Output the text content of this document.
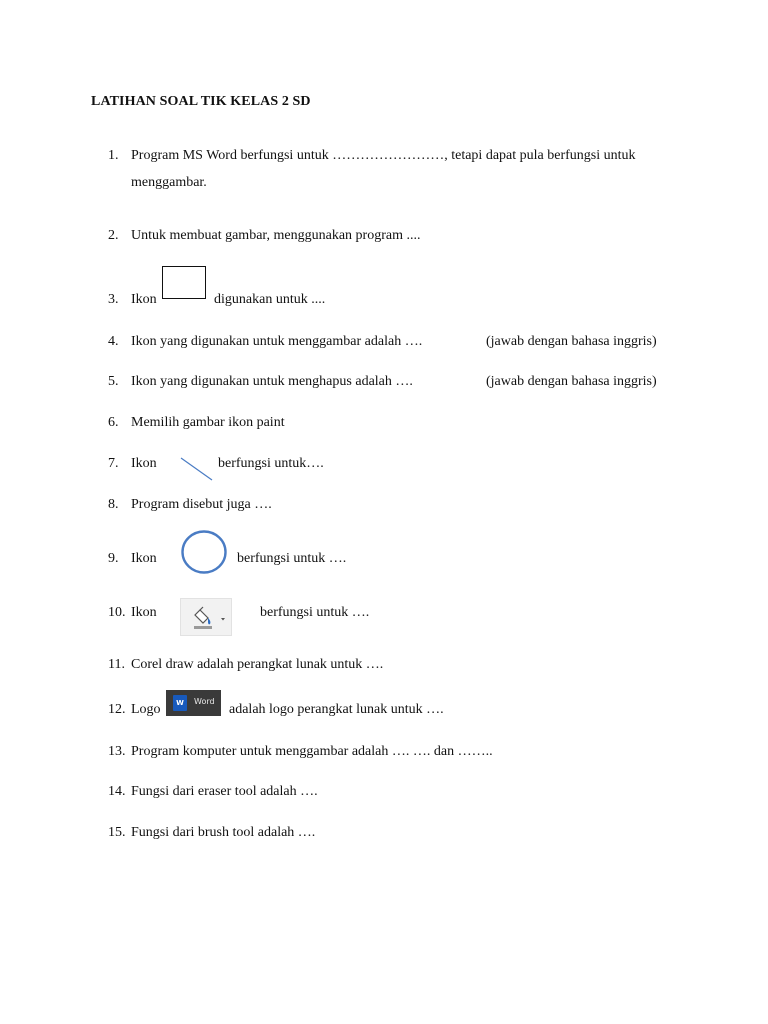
LATIHAN SOAL TIK KELAS 2 SD
1. Program MS Word berfungsi untuk ……………………, tetapi dapat pula berfungsi untuk
menggambar.
2. Untuk membuat gambar, menggunakan program ....
3. Ikon	digunakan untuk ....
4. Ikon yang digunakan untuk menggambar adalah ….	(jawab dengan bahasa inggris)
5. Ikon yang digunakan untuk menghapus adalah ….	(jawab dengan bahasa inggris)
6. Memilih gambar ikon paint
7. Ikon	berfungsi untuk….
8. Program disebut juga ….
9. Ikon	berfungsi untuk ….
10. Ikon	berfungsi untuk ….
11. Corel draw adalah perangkat lunak untuk ….
12. Logo	W	Word
adalah logo perangkat lunak untuk ….
13. Program komputer untuk menggambar adalah …. …. dan ……..
14. Fungsi dari eraser tool adalah ….
15. Fungsi dari brush tool adalah ….
